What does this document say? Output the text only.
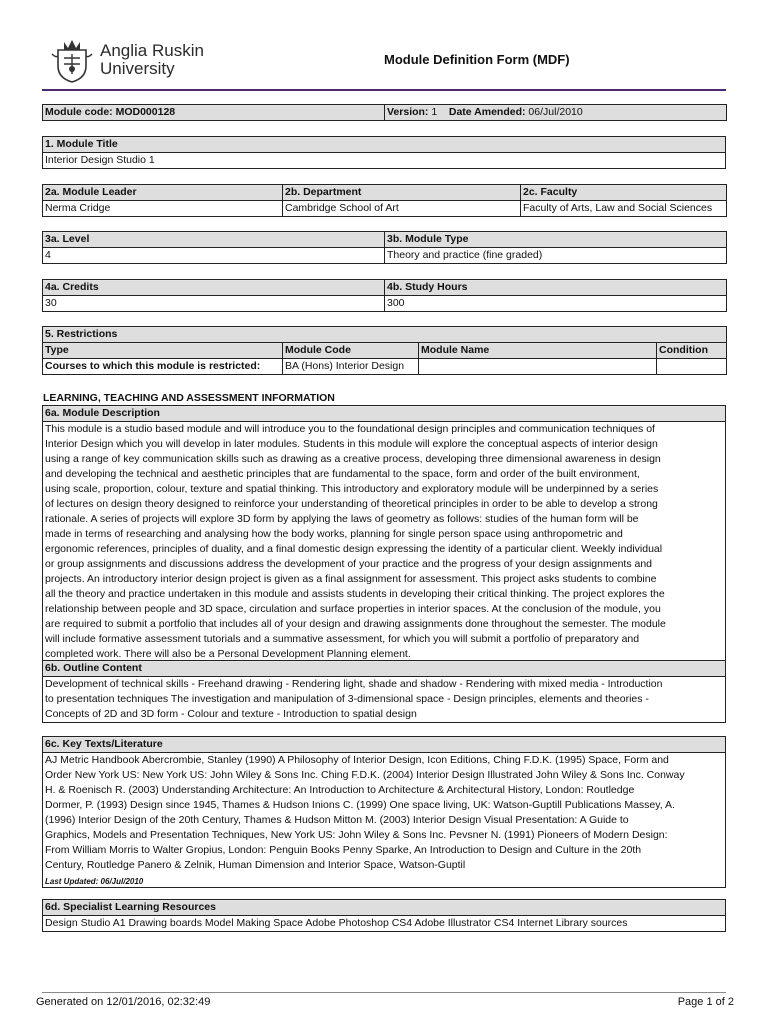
Anglia Ruskin
University	Module Definition Form (MDF)
Module code: MOD000128	Version: 1 Date Amended: 06/Jul/2010
1. Module Title
Interior Design Studio 1
2a. Module Leader	2b. Department	2c. Faculty
Nerma Cridge	Cambridge School of Art	Faculty of Arts, Law and Social Sciences
3a. Level	3b. Module Type
4	Theory and practice (fine graded)
4a. Credits	4b. Study Hours
30	300
5. Restrictions			
Type	Module Code	Module Name	Condition
Courses to which this module is restricted:	BA (Hons) Interior Design		
LEARNING, TEACHING AND ASSESSMENT INFORMATION
6a. Module Description

This module is a studio based module and will introduce you to the foundational design principles and communication techniques of
Interior Design which you will develop in later modules. Students in this module will explore the conceptual aspects of interior design
using a range of key communication skills such as drawing as a creative process, developing three dimensional awareness in design
and developing the technical and aesthetic principles that are fundamental to the space, form and order of the built environment,
using scale, proportion, colour, texture and spatial thinking. This introductory and exploratory module will be underpinned by a series
of lectures on design theory designed to reinforce your understanding of theoretical principles in order to be able to develop a strong
rationale. A series of projects will explore 3D form by applying the laws of geometry as follows: studies of the human form will be
made in terms of researching and analysing how the body works, planning for single person space using anthropometric and
ergonomic references, principles of duality, and a final domestic design expressing the identity of a particular client. Weekly individual
or group assignments and discussions address the development of your practice and the progress of your design assignments and
projects. An introductory interior design project is given as a final assignment for assessment. This project asks students to combine
all the theory and practice undertaken in this module and assists students in developing their critical thinking. The project explores the
relationship between people and 3D space, circulation and surface properties in interior spaces. At the conclusion of the module, you
are required to submit a portfolio that includes all of your design and drawing assignments done throughout the semester. The module
will include formative assessment tutorials and a summative assessment, for which you will submit a portfolio of preparatory and
completed work. There will also be a Personal Development Planning element.
6b. Outline Content

Development of technical skills - Freehand drawing - Rendering light, shade and shadow - Rendering with mixed media - Introduction
to presentation techniques The investigation and manipulation of 3-dimensional space - Design principles, elements and theories -
Concepts of 2D and 3D form - Colour and texture - Introduction to spatial design
6c. Key Texts/Literature

AJ Metric Handbook Abercrombie, Stanley (1990) A Philosophy of Interior Design, Icon Editions, Ching F.D.K. (1995) Space, Form and
Order New York US: New York US: John Wiley & Sons Inc. Ching F.D.K. (2004) Interior Design Illustrated John Wiley & Sons Inc. Conway
H. & Roenisch R. (2003) Understanding Architecture: An Introduction to Architecture & Architectural History, London: Routledge
Dormer, P. (1993) Design since 1945, Thames & Hudson Inions C. (1999) One space living, UK: Watson-Guptill Publications Massey, A.
(1996) Interior Design of the 20th Century, Thames & Hudson Mitton M. (2003) Interior Design Visual Presentation: A Guide to
Graphics, Models and Presentation Techniques, New York US: John Wiley & Sons Inc. Pevsner N. (1991) Pioneers of Modern Design:
From William Morris to Walter Gropius, London: Penguin Books Penny Sparke, An Introduction to Design and Culture in the 20th
Century, Routledge Panero & Zelnik, Human Dimension and Interior Space, Watson-Guptil
Last Updated: 06/Jul/2010
6d. Specialist Learning Resources
Design Studio A1 Drawing boards Model Making Space Adobe Photoshop CS4 Adobe Illustrator CS4 Internet Library sources
Generated on 12/01/2016, 02:32:49	Page 1 of 2
